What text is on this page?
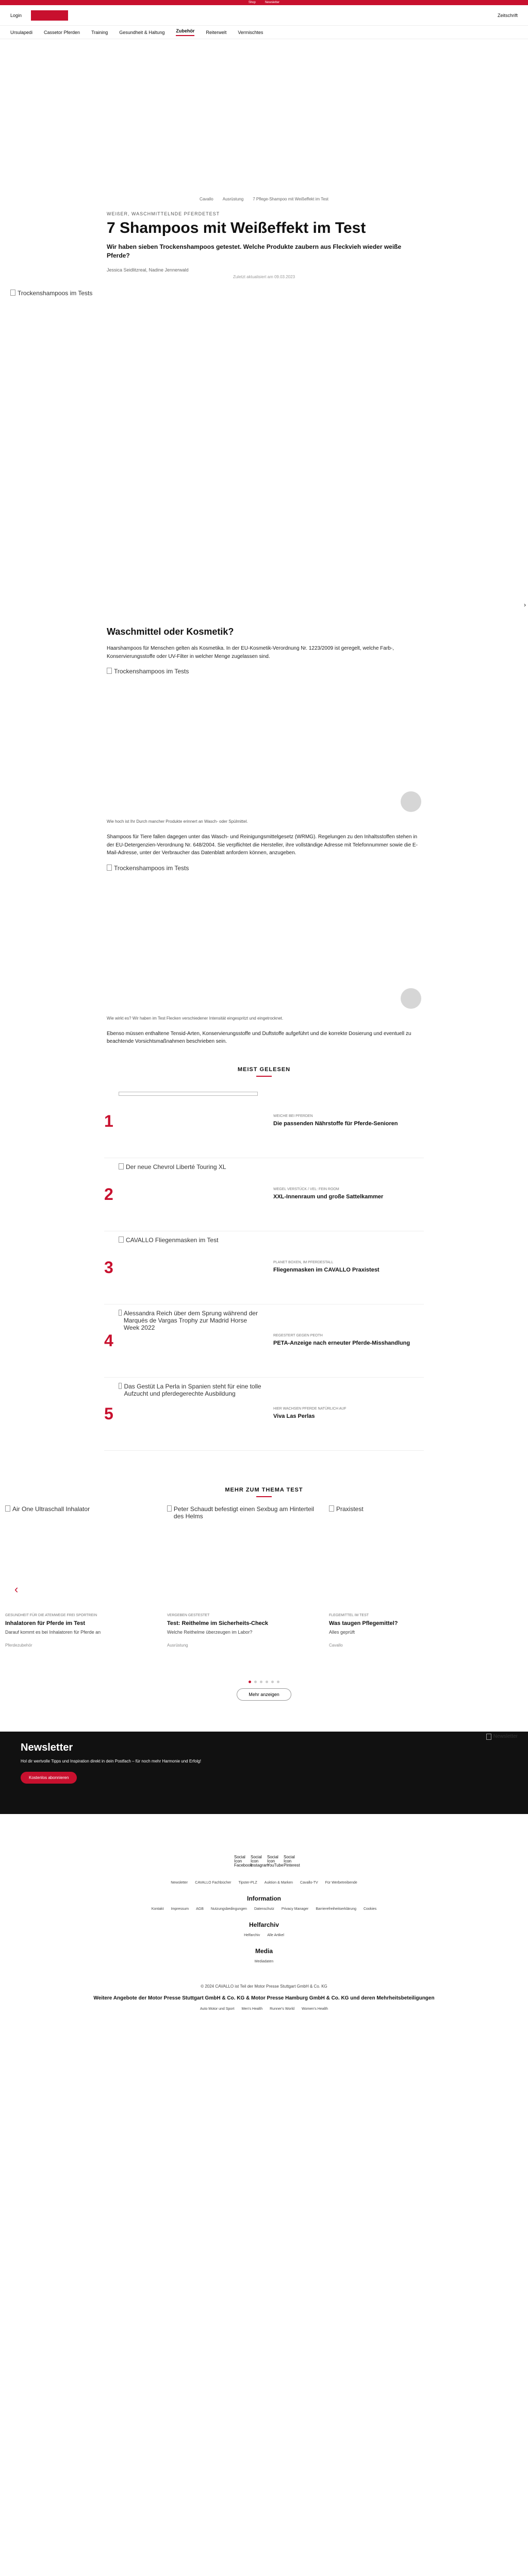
Shop	Newsletter
Login	Zeitschrift
Ursulapedi Cassetor Pferden Training Gesundheit & Haltung Zubehör Reiterwelt Vermischtes
Cavallo Ausrüstung 7 Pflege-Shampoo mit Weißeffekt im Test
WEIßER, WASCHMITTELNDE PFERDETEST
7 Shampoos mit Weißeffekt im Test
Wir haben sieben Trockenshampoos getestet. Welche Produkte zaubern aus Fleckvieh wieder weiße Pferde?
Jessica Seidlitzreal, Nadine Jennerwald
Zuletzt aktualisiert am 09.03.2023
Trockenshampoos im Tests
›
Waschmittel oder Kosmetik?

Haarshampoos für Menschen gelten als Kosmetika. In der EU-Kosmetik-Verordnung Nr. 1223/2009 ist geregelt, welche Farb-, Konservierungsstoffe oder UV-Filter in welcher Menge zugelassen sind.

Trockenshampoos im Tests
Wie hoch ist Ihr Durch mancher Produkte erinnert an Wasch- oder Spülmittel.

Shampoos für Tiere fallen dagegen unter das Wasch- und Reinigungsmittelgesetz (WRMG). Regelungen zu den Inhaltsstoffen stehen in der EU-Detergenzien-Verordnung Nr. 648/2004. Sie verpflichtet die Hersteller, ihre vollständige Adresse mit Telefonnummer sowie die E-Mail-Adresse, unter der Verbraucher das Datenblatt anfordern können, anzugeben.

Trockenshampoos im Tests
Wie wirkt es? Wir haben im Test Flecken verschiedener Intensität eingespritzt und eingetrocknet.

Ebenso müssen enthaltene Tensid-Arten, Konservierungsstoffe und Duftstoffe aufgeführt und die korrekte Dosierung und eventuell zu beachtende Vorsichtsmaßnahmen beschrieben sein.

MEIST GELESEN
1	WEICHE BEI PFERDEN
Die passenden Nährstoffe für Pferde-Senioren
2
Der neue Chevrol Liberté Touring XL
WEGEL VERSTÜCK / VEL: FEIN ROOM
XXL-Innenraum und große Sattelkammer
3
CAVALLO Fliegenmasken im Test
PLANET BOXEN, IM PFERDESTALL
Fliegenmasken im CAVALLO Praxistest
4
Alessandra Reich über dem Sprung während der Marqués de Vargas Trophy zur Madrid Horse Week 2022
REGESTERT GEGEN PEOTH
PETA-Anzeige nach erneuter Pferde-Misshandlung
5
Das Gestüt La Perla in Spanien steht für eine tolle Aufzucht und pferdegerechte Ausbildung
HIER WACHSEN PFERDE NATÜRLICH AUF
Viva Las Perlas
MEHR ZUM THEMA TEST
Air One Ultraschall Inhalator
GESUNDHEIT FÜR DIE ATEMWEGE FREI SPORTREIN
Inhalatoren für Pferde im Test
Darauf kommt es bei Inhalatoren für Pferde an
Pferdezubehör
Peter Schaudt befestigt einen Sexbug am Hinterteil des Helms
VERGEBEN GESTESTET
Test: Reithelme im Sicherheits-Check
Welche Reithelme überzeugen im Labor?
Ausrüstung
Praxistest
FLEGEMITTEL IM TEST
Was taugen Pflegemittel?
Alles geprüft
Cavallo
‹
Mehr anzeigen
Newsletter
Hol dir wertvolle Tipps und Inspiration direkt in dein Postfach – für noch mehr Harmonie und Erfolg!
Kostenlos abonnieren
Newsletter
Social Icon Facebook
Social Icon Instagram
Social Icon YouTube
Social Icon Pinterest
Newsletter CAVALLO Fachbücher Tipster-PLZ Auktion & Marken Cavallo-TV Für Werbetreibende
Information
Kontakt Impressum AGB Nutzungsbedingungen Datenschutz Privacy Manager Barrierefreiheitserklärung Cookies
Helfarchiv
Helfarchiv Alle Artikel
Media
Mediadaten
© 2024 CAVALLO ist Teil der Motor Presse Stuttgart GmbH & Co. KG
Weitere Angebote der Motor Presse Stuttgart GmbH & Co. KG & Motor Presse Hamburg GmbH & Co. KG und deren Mehrheitsbeteiligungen
Auto Motor und Sport Men's Health Runner's World Women's Health
